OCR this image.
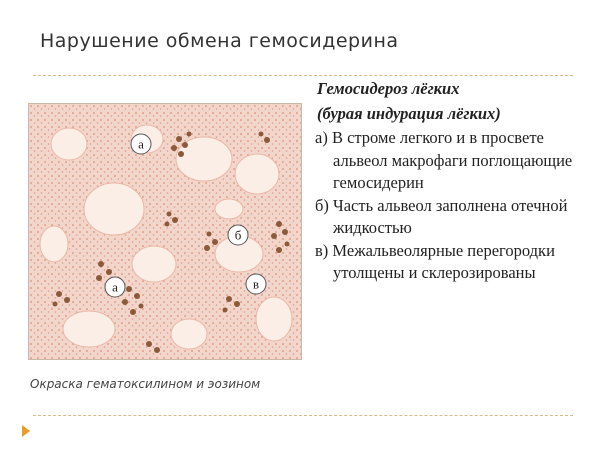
Нарушение обмена гемосидерина
а
б
а	в
Окраска гематоксилином и эозином

Гемосидероз лёгких

(бурая индурация лёгких)

а) В строме легкого и в просвете альвеол макрофаги поглощающие гемосидерин

б) Часть альвеол заполнена отечной жидкостью

в) Межальвеолярные перегородки утолщены и склерозированы
